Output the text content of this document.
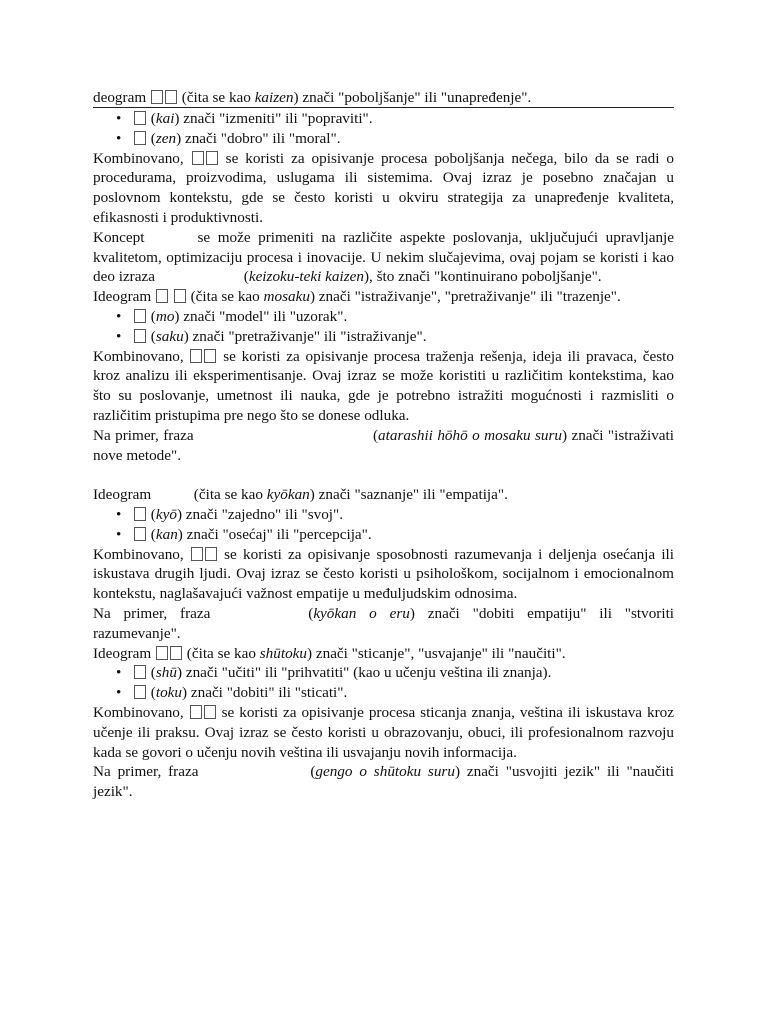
deogram  (čita se kao kaizen) znači "poboljšanje" ili "unapređenje".
• (kai) znači "izmeniti" ili "popraviti".
• (zen) znači "dobro" ili "moral".

Kombinovano,  se koristi za opisivanje procesa poboljšanja nečega, bilo da se radi o procedurama, proizvodima, uslugama ili sistemima. Ovaj izraz je posebno značajan u poslovnom kontekstu, gde se često koristi u okviru strategija za unapređenje kvaliteta, efikasnosti i produktivnosti.

Koncept	se može primeniti na različite aspekte poslovanja, uključujući upravljanje kvalitetom, optimizaciju procesa i inovacije. U nekim slučajevima, ovaj pojam se koristi i kao deo izraza	(keizoku-teki kaizen), što znači "kontinuirano poboljšanje".

Ideogram   (čita se kao mosaku) znači "istraživanje", "pretraživanje" ili "trazenje".

• (mo) znači "model" ili "uzorak".
• (saku) znači "pretraživanje" ili "istraživanje".

Kombinovano,  se koristi za opisivanje procesa traženja rešenja, ideja ili pravaca, često kroz analizu ili eksperimentisanje. Ovaj izraz se može koristiti u različitim kontekstima, kao što su poslovanje, umetnost ili nauka, gde je potrebno istražiti mogućnosti i razmisliti o različitim pristupima pre nego što se donese odluka.

Na primer, fraza	(atarashii hōhō o mosaku suru) znači "istraživati nove metode".

Ideogram  (čita se kao kyōkan) znači "saznanje" ili "empatija".

• (kyō) znači "zajedno" ili "svoj".
• (kan) znači "osećaj" ili "percepcija".

Kombinovano,  se koristi za opisivanje sposobnosti razumevanja i deljenja osećanja ili iskustava drugih ljudi. Ovaj izraz se često koristi u psihološkom, socijalnom i emocionalnom kontekstu, naglašavajući važnost empatije u međuljudskim odnosima.

Na primer, fraza	(kyōkan o eru) znači "dobiti empatiju" ili "stvoriti razumevanje".

Ideogram  (čita se kao shūtoku) znači "sticanje", "usvajanje" ili "naučiti".

• (shū) znači "učiti" ili "prihvatiti" (kao u učenju veština ili znanja).
• (toku) znači "dobiti" ili "sticati".

Kombinovano,  se koristi za opisivanje procesa sticanja znanja, veština ili iskustava kroz učenje ili praksu. Ovaj izraz se često koristi u obrazovanju, obuci, ili profesionalnom razvoju kada se govori o učenju novih veština ili usvajanju novih informacija.

Na primer, fraza	(gengo o shūtoku suru) znači "usvojiti jezik" ili "naučiti jezik".
